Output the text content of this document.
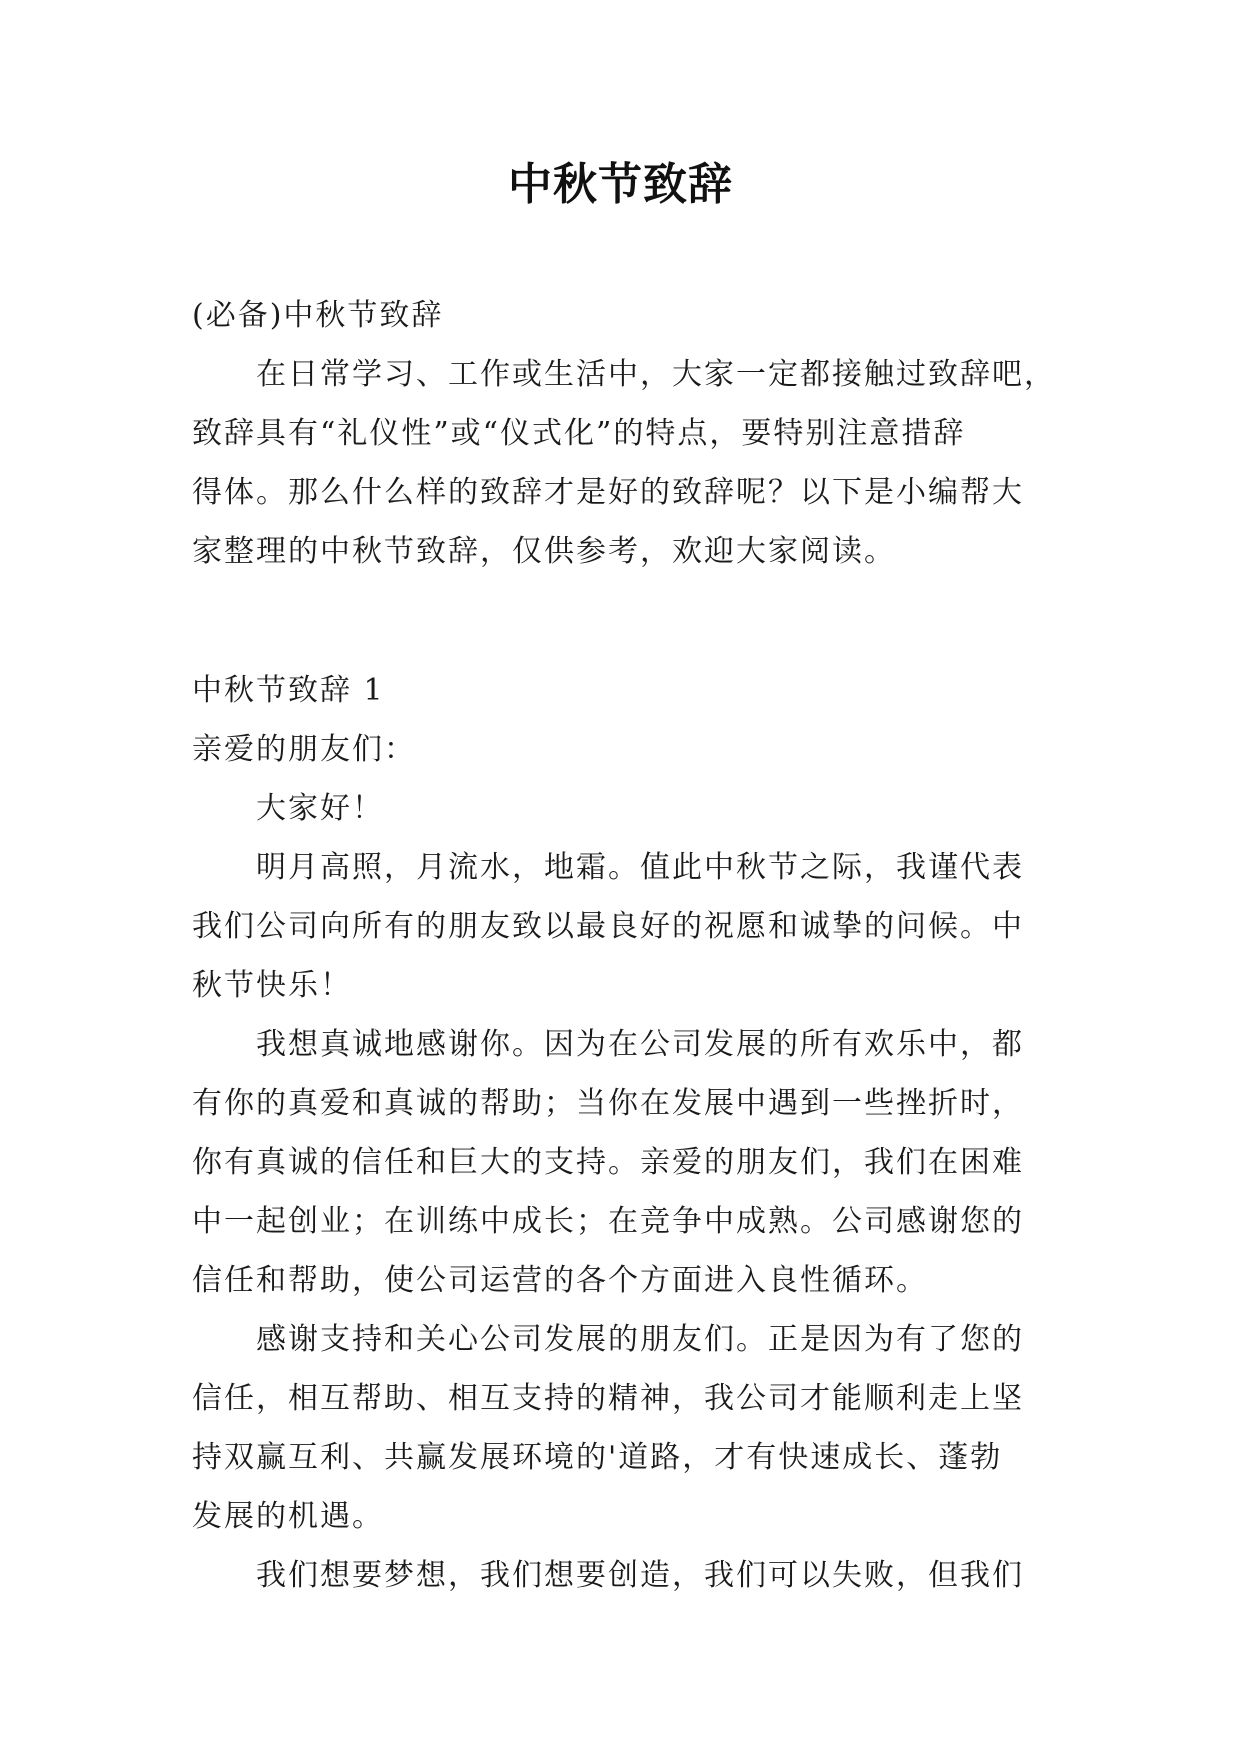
中秋节致辞
(必备)中秋节致辞
在日常学习、工作或生活中，大家一定都接触过致辞吧，
致辞具有“礼仪性”或“仪式化”的特点，要特别注意措辞
得体。那么什么样的致辞才是好的致辞呢？以下是小编帮大
家整理的中秋节致辞，仅供参考，欢迎大家阅读。
中秋节致辞 1
亲爱的朋友们：
大家好！
明月高照，月流水，地霜。值此中秋节之际，我谨代表
我们公司向所有的朋友致以最良好的祝愿和诚挚的问候。中
秋节快乐！
我想真诚地感谢你。因为在公司发展的所有欢乐中，都
有你的真爱和真诚的帮助；当你在发展中遇到一些挫折时，
你有真诚的信任和巨大的支持。亲爱的朋友们，我们在困难
中一起创业；在训练中成长；在竞争中成熟。公司感谢您的
信任和帮助，使公司运营的各个方面进入良性循环。
感谢支持和关心公司发展的朋友们。正是因为有了您的
信任，相互帮助、相互支持的精神，我公司才能顺利走上坚
持双赢互利、共赢发展环境的'道路，才有快速成长、蓬勃
发展的机遇。
我们想要梦想，我们想要创造，我们可以失败，但我们
